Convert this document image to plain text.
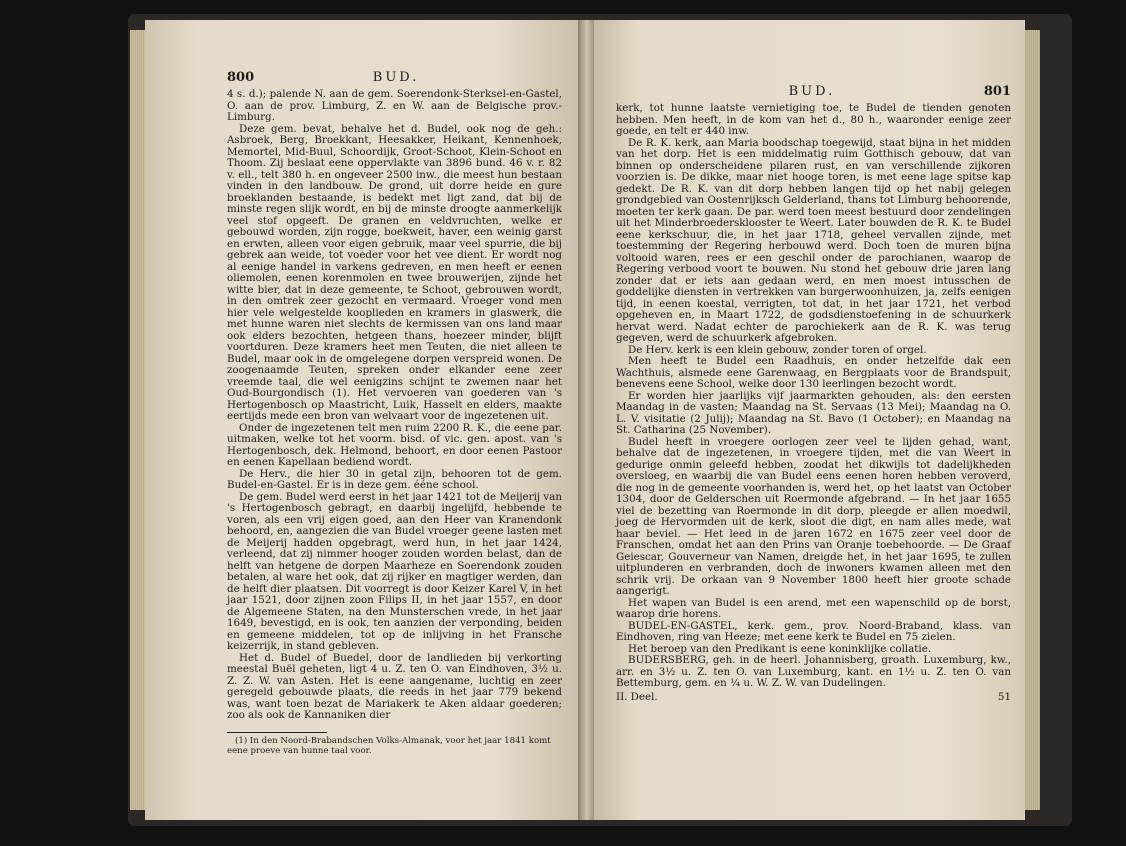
800	BUD.

4 s. d.); palende N. aan de gem. Soerendonk-Sterksel-en-Gastel, O. aan de prov. Limburg, Z. en W. aan de Belgische prov.-Limburg.

Deze gem. bevat, behalve het d. Budel, ook nog de geh.: Asbroek, Berg, Broekkant, Heesakker, Heikant, Kennenhoek, Memortel, Mid-Buul, Schoordijk, Groot-Schoot, Klein-Schoot en Thoom. Zij beslaat eene oppervlakte van 3896 bund. 46 v. r. 82 v. ell., telt 380 h. en ongeveer 2500 inw., die meest hun bestaan vinden in den landbouw. De grond, uit dorre heide en gure broeklanden bestaande, is bedekt met ligt zand, dat bij de minste regen slijk wordt, en bij de minste droogte aanmerkelijk veel stof opgeeft. De granen en veldvruchten, welke er gebouwd worden, zijn rogge, boekweit, haver, een weinig garst en erwten, alleen voor eigen gebruik, maar veel spurrie, die bij gebrek aan weide, tot voeder voor het vee dient. Er wordt nog al eenige handel in varkens gedreven, en men heeft er eenen oliemolen, eenen korenmolen en twee brouwerijen, zijnde het witte bier, dat in deze gemeente, te Schoot, gebrouwen wordt, in den omtrek zeer gezocht en vermaard. Vroeger vond men hier vele welgestelde kooplieden en kramers in glaswerk, die met hunne waren niet slechts de kermissen van ons land maar ook elders bezochten, hetgeen thans, hoezeer minder, blijft voortduren. Deze kramers heet men Teuten, die niet alleen te Budel, maar ook in de omgelegene dorpen verspreid wonen. De zoogenaamde Teuten, spreken onder elkander eene zeer vreemde taal, die wel eenigzins schijnt te zwemen naar het Oud-Bourgondisch (1). Het vervoeren van goederen van 's Hertogenbosch op Maastricht, Luik, Hasselt en elders, maakte eertijds mede een bron van welvaart voor de ingezetenen uit.

Onder de ingezetenen telt men ruim 2200 R. K., die eene par. uitmaken, welke tot het voorm. bisd. of vic. gen. apost. van 's Hertogenbosch, dek. Helmond, behoort, en door eenen Pastoor en eenen Kapellaan bediend wordt.

De Herv., die hier 30 in getal zijn, behooren tot de gem. Budel-en-Gastel. Er is in deze gem. ééne school.

De gem. Budel werd eerst in het jaar 1421 tot de Meijerij van 's Hertogenbosch gebragt, en daarbij ingelijfd, hebbende te voren, als een vrij eigen goed, aan den Heer van Kranendonk behoord, en, aangezien die van Budel vroeger geene lasten met de Meijerij hadden opgebragt, werd hun, in het jaar 1424, verleend, dat zij nimmer hooger zouden worden belast, dan de helft van hetgene de dorpen Maarheze en Soerendonk zouden betalen, al ware het ook, dat zij rijker en magtiger werden, dan de helft dier plaatsen. Dit voorregt is door Keizer Karel V, in het jaar 1521, door zijnen zoon Filips II, in het jaar 1557, en door de Algemeene Staten, na den Munsterschen vrede, in het jaar 1649, bevestigd, en is ook, ten aanzien der verponding, beiden en gemeene middelen, tot op de inlijving in het Fransche keizerrijk, in stand gebleven.

Het d. Budel of Buedel, door de landlieden bij verkorting meestal Buël geheten, ligt 4 u. Z. ten O. van Eindhoven, 3½ u. Z. Z. W. van Asten. Het is eene aangename, luchtig en zeer geregeld gebouwde plaats, die reeds in het jaar 779 bekend was, want toen bezat de Mariakerk te Aken aldaar goederen; zoo als ook de Kannaniken dier

(1) In den Noord-Brabandschen Volks-Almanak, voor het jaar 1841 komt eene proeve van hunne taal voor.

BUD.	801

kerk, tot hunne laatste vernietiging toe, te Budel de tienden genoten hebben. Men heeft, in de kom van het d., 80 h., waaronder eenige zeer goede, en telt er 440 inw.

De R. K. kerk, aan Maria boodschap toegewijd, staat bijna in het midden van het dorp. Het is een middelmatig ruim Gotthisch gebouw, dat van binnen op onderscheidene pilaren rust, en van verschillende zijkoren voorzien is. De dikke, maar niet hooge toren, is met eene lage spitse kap gedekt. De R. K. van dit dorp hebben langen tijd op het nabij gelegen grondgebied van Oostenrijksch Gelderland, thans tot Limburg behoorende, moeten ter kerk gaan. De par. werd toen meest bestuurd door zendelingen uit het Minderbroedersklooster te Weert. Later bouwden de R. K. te Budel eene kerkschuur, die, in het jaar 1718, geheel vervallen zijnde, met toestemming der Regering herbouwd werd. Doch toen de muren bijna voltooid waren, rees er een geschil onder de parochianen, waarop de Regering verbood voort te bouwen. Nu stond het gebouw drie jaren lang zonder dat er iets aan gedaan werd, en men moest intusschen de goddelijke diensten in vertrekken van burgerwoonhuizen, ja, zelfs eenigen tijd, in eenen koestal, verrigten, tot dat, in het jaar 1721, het verbod opgeheven en, in Maart 1722, de godsdienstoefening in de schuurkerk hervat werd. Nadat echter de parochiekerk aan de R. K. was terug gegeven, werd de schuurkerk afgebroken.

De Herv. kerk is een klein gebouw, zonder toren of orgel.

Men heeft te Budel een Raadhuis, en onder hetzelfde dak een Wachthuis, alsmede eene Garenwaag, en Bergplaats voor de Brandspuit, benevens eene School, welke door 130 leerlingen bezocht wordt.

Er worden hier jaarlijks vijf jaarmarkten gehouden, als: den eersten Maandag in de vasten; Maandag na St. Servaas (13 Mei); Maandag na O. L. V. visitatie (2 Julij); Maandag na St. Bavo (1 October); en Maandag na St. Catharina (25 November).

Budel heeft in vroegere oorlogen zeer veel te lijden gehad, want, behalve dat de ingezetenen, in vroegere tijden, met die van Weert in gedurige onmin geleefd hebben, zoodat het dikwijls tot dadelijkheden oversloeg, en waarbij die van Budel eens eenen horen hebben veroverd, die nog in de gemeente voorhanden is, werd het, op het laatst van October 1304, door de Gelderschen uit Roermonde afgebrand. — In het jaar 1655 viel de bezetting van Roermonde in dit dorp, pleegde er allen moedwil, joeg de Hervormden uit de kerk, sloot die digt, en nam alles mede, wat haar beviel. — Het leed in de jaren 1672 en 1675 zeer veel door de Franschen, omdat het aan den Prins van Oranje toebehoorde. — De Graaf Geiescar, Gouverneur van Namen, dreigde het, in het jaar 1695, te zullen uitplunderen en verbranden, doch de inwoners kwamen alleen met den schrik vrij. De orkaan van 9 November 1800 heeft hier groote schade aangerigt.

Het wapen van Budel is een arend, met een wapenschild op de borst, waarop drie horens.

BUDEL-EN-GASTEL, kerk. gem., prov. Noord-Braband, klass. van Eindhoven, ring van Heeze; met eene kerk te Budel en 75 zielen.

Het beroep van den Predikant is eene koninklijke collatie.

BUDERSBERG, geh. in de heerl. Johannisberg, groath. Luxemburg, kw., arr. en 3½ u. Z. ten O. van Luxemburg, kant. en 1½ u. Z. ten O. van Bettemburg, gem. en ¼ u. W. Z. W. van Dudelingen.

II. Deel.	51
